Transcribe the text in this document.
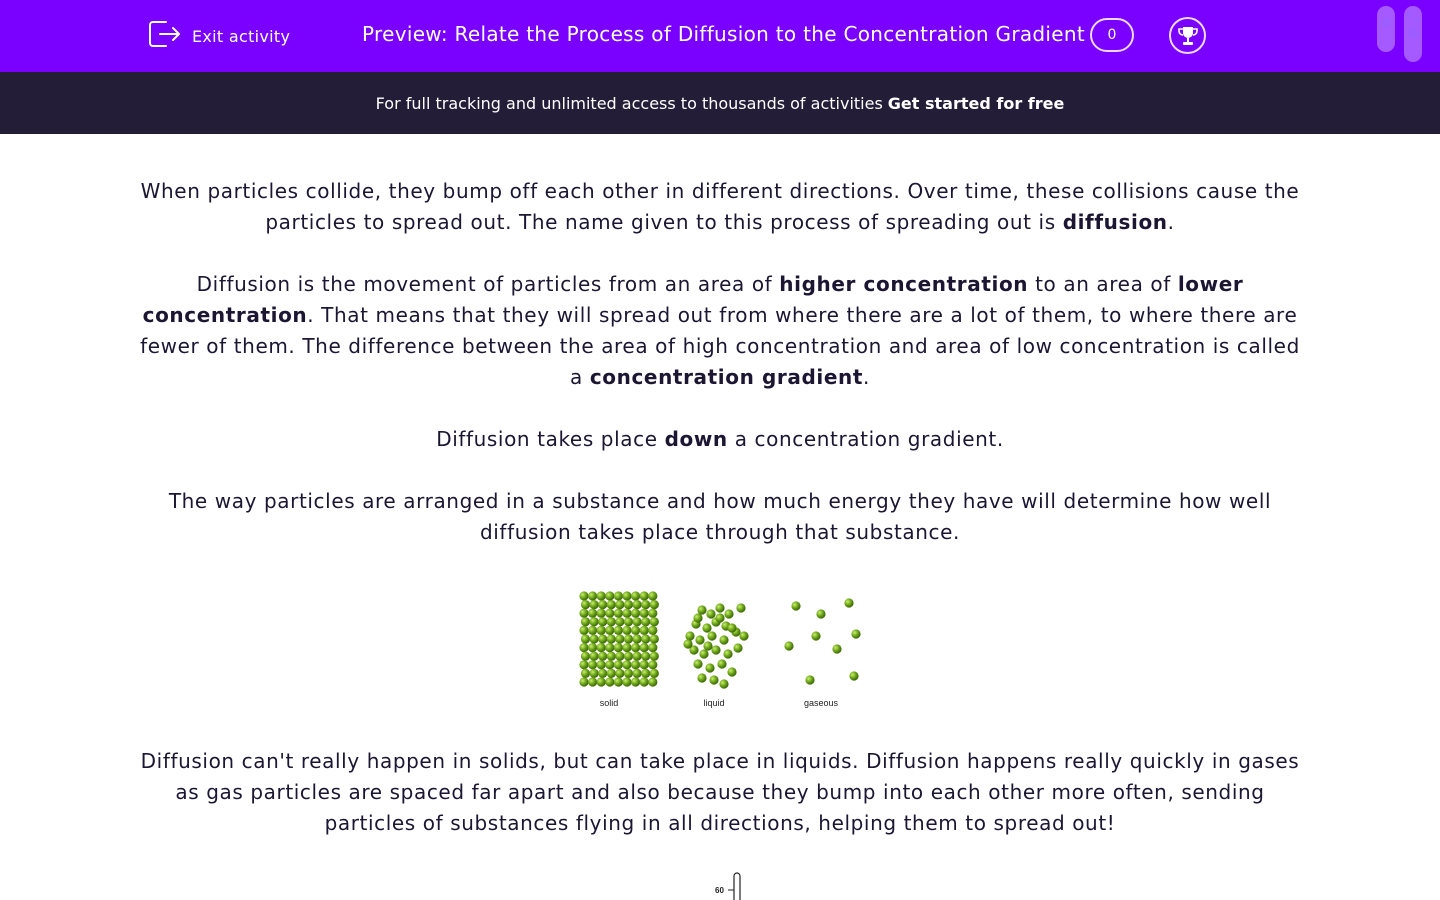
Exit activity	Preview: Relate the Process of Diffusion to the Concentration Gradient	0
For full tracking and unlimited access to thousands of activities Get started for free

When particles collide, they bump off each other in different directions. Over time, these collisions cause the particles to spread out. The name given to this process of spreading out is diffusion.

Diffusion is the movement of particles from an area of higher concentration to an area of lower concentration. That means that they will spread out from where there are a lot of them, to where there are fewer of them. The difference between the area of high concentration and area of low concentration is called a concentration gradient.

Diffusion takes place down a concentration gradient.

The way particles are arranged in a substance and how much energy they have will determine how well diffusion takes place through that substance.

solid	liquid	gaseous
Diffusion can't really happen in solids, but can take place in liquids. Diffusion happens really quickly in gases as gas particles are spaced far apart and also because they bump into each other more often, sending particles of substances flying in all directions, helping them to spread out!
60
